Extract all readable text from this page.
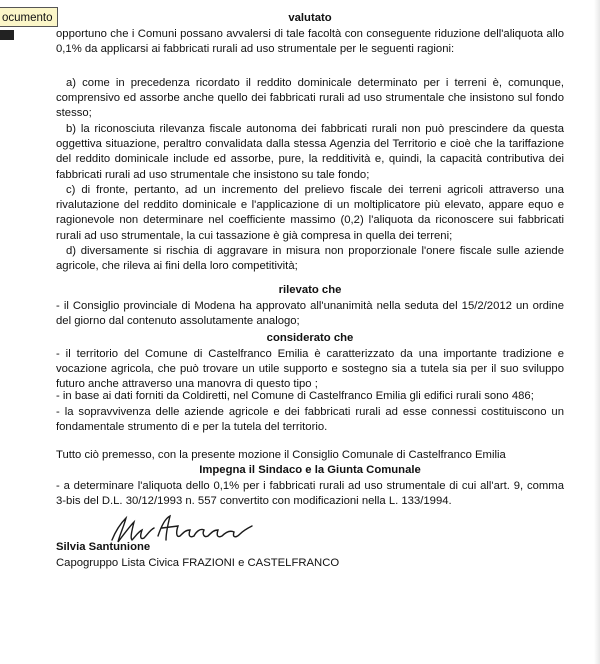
ocumento	valutato

opportuno che i Comuni possano avvalersi di tale facoltà con conseguente riduzione dell'aliquota allo 0,1% da applicarsi ai fabbricati rurali ad uso strumentale per le seguenti ragioni:

a) come in precedenza ricordato il reddito dominicale determinato per i terreni è, comunque, comprensivo ed assorbe anche quello dei fabbricati rurali ad uso strumentale che insistono sul fondo stesso;

b) la riconosciuta rilevanza fiscale autonoma dei fabbricati rurali non può prescindere da questa oggettiva situazione, peraltro convalidata dalla stessa Agenzia del Territorio e cioè che la tariffazione del reddito dominicale include ed assorbe, pure, la redditività e, quindi, la capacità contributiva dei fabbricati rurali ad uso strumentale che insistono su tale fondo;

c) di fronte, pertanto, ad un incremento del prelievo fiscale dei terreni agricoli attraverso una rivalutazione del reddito dominicale e l'applicazione di un moltiplicatore più elevato, appare equo e ragionevole non determinare nel coefficiente massimo (0,2) l'aliquota da riconoscere sui fabbricati rurali ad uso strumentale, la cui tassazione è già compresa in quella dei terreni;

d) diversamente si rischia di aggravare in misura non proporzionale l'onere fiscale sulle aziende agricole, che rileva ai fini della loro competitività;

rilevato che

- il Consiglio provinciale di Modena ha approvato all'unanimità nella seduta del 15/2/2012 un ordine del giorno dal contenuto assolutamente analogo;

considerato che

- il territorio del Comune di Castelfranco Emilia è caratterizzato da una importante tradizione e vocazione agricola, che può trovare un utile supporto e sostegno sia a tutela sia per il suo sviluppo futuro anche attraverso una manovra di questo tipo ;

- in base ai dati forniti da Coldiretti, nel Comune di Castelfranco Emilia gli edifici rurali sono 486;

- la sopravvivenza delle aziende agricole e dei fabbricati rurali ad esse connessi costituiscono un fondamentale strumento di e per la tutela del territorio.

Tutto ciò premesso, con la presente mozione il Consiglio Comunale di Castelfranco Emilia

Impegna il Sindaco e la Giunta Comunale

- a determinare l'aliquota dello 0,1% per i fabbricati rurali ad uso strumentale di cui all'art. 9, comma 3-bis del D.L. 30/12/1993 n. 557 convertito con modificazioni nella L. 133/1994.

Silvia Santunione

Capogruppo Lista Civica FRAZIONI e CASTELFRANCO
